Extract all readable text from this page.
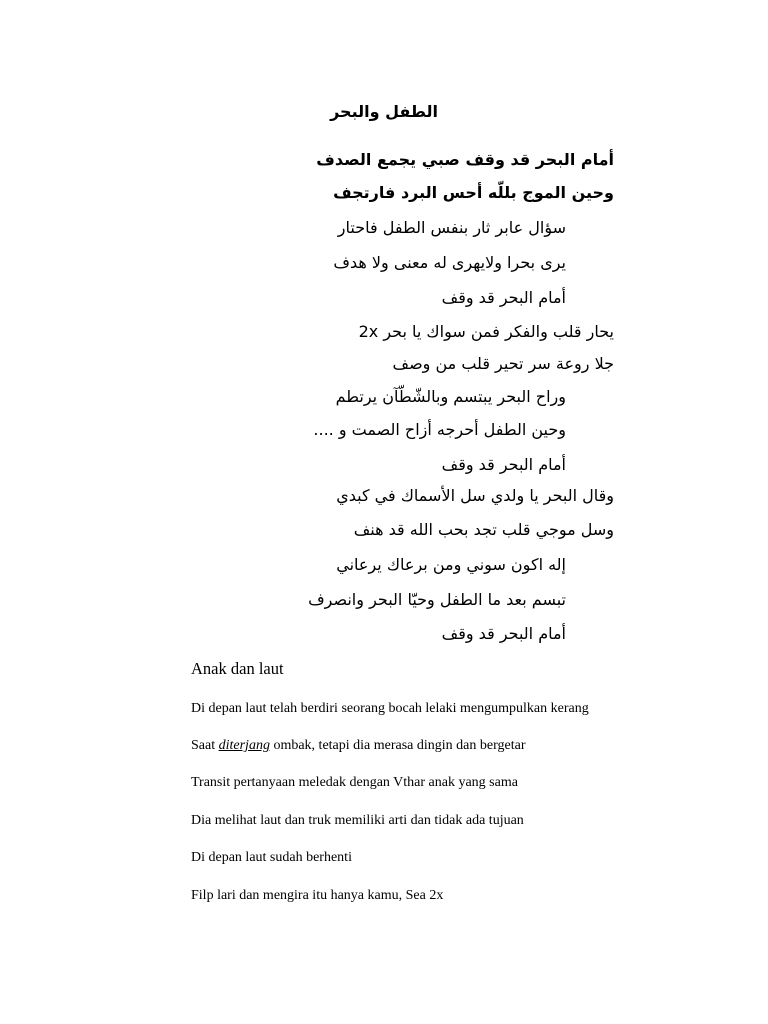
الطفل والبحر
أمام البحر قد وقف صبي يجمع الصدف
وحين الموج بللّه أحس البرد فارتجف
سؤال عابر ثار بنفس الطفل فاحتار
يرى بحرا ولايهرى له معنى ولا هدف
أمام البحر قد وقف
يحار قلب والفكر فمن سواك يا بحر 2x
جلا روعة سر تحير قلب من وصف
وراح البحر يبتسم وبالشّطّآن يرتطم
وحين الطفل أحرجه أزاح الصمت و ....
أمام البحر قد وقف
وقال البحر يا ولدي سل الأسماك في كبدي
وسل موجي قلب تجد بحب الله قد هنف
إله اكون سوني ومن برعاك يرعاني
تبسم بعد ما الطفل وحيّا البحر وانصرف
أمام البحر قد وقف
Anak dan laut
Di depan laut telah berdiri seorang bocah lelaki mengumpulkan kerang
Saat diterjang ombak, tetapi dia merasa dingin dan bergetar
Transit pertanyaan meledak dengan Vthar anak yang sama
Dia melihat laut dan truk memiliki arti dan tidak ada tujuan
Di depan laut sudah berhenti
Filp lari dan mengira itu hanya kamu, Sea 2x
